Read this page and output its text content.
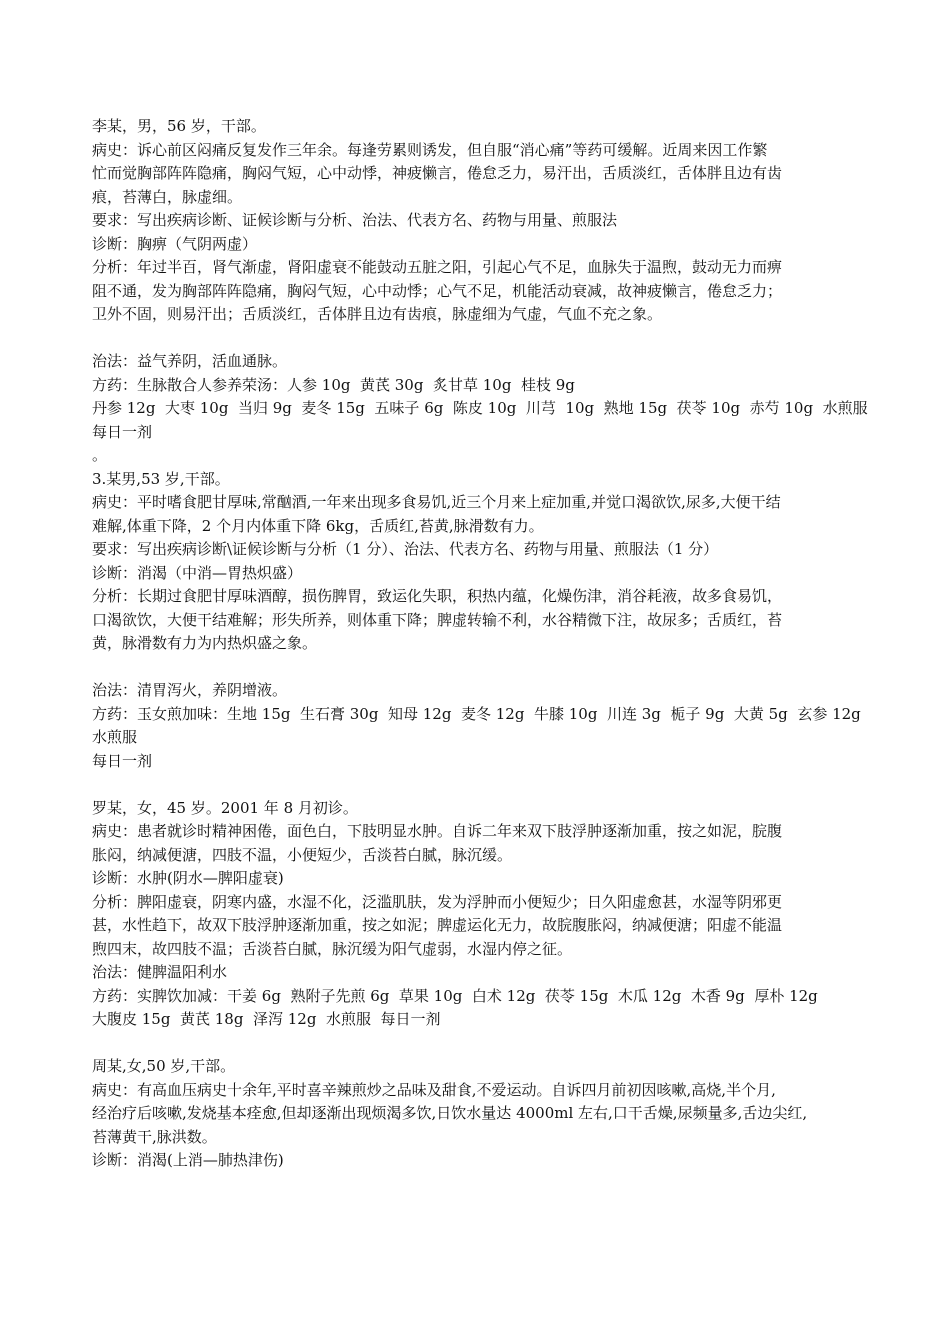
李某，男，56 岁，干部。
病史：诉心前区闷痛反复发作三年余。每逢劳累则诱发，但自服“消心痛”等药可缓解。近周来因工作繁
忙而觉胸部阵阵隐痛，胸闷气短，心中动悸，神疲懒言，倦怠乏力，易汗出，舌质淡红，舌体胖且边有齿
痕，苔薄白，脉虚细。
要求：写出疾病诊断、证候诊断与分析、治法、代表方名、药物与用量、煎服法
诊断：胸痹（气阴两虚）
分析：年过半百，肾气渐虚，肾阳虚衰不能鼓动五脏之阳，引起心气不足，血脉失于温煦，鼓动无力而痹
阻不通，发为胸部阵阵隐痛，胸闷气短，心中动悸；心气不足，机能活动衰减，故神疲懒言，倦怠乏力；
卫外不固，则易汗出；舌质淡红，舌体胖且边有齿痕，脉虚细为气虚，气血不充之象。
治法：益气养阴，活血通脉。
方药：生脉散合人参养荣汤：人参 10g  黄芪 30g  炙甘草 10g  桂枝 9g
丹参 12g  大枣 10g  当归 9g  麦冬 15g  五味子 6g  陈皮 10g  川芎  10g  熟地 15g  茯苓 10g  赤芍 10g  水煎服
每日一剂
。
3.某男,53 岁,干部。
病史：平时嗜食肥甘厚味,常酗酒,一年来出现多食易饥,近三个月来上症加重,并觉口渴欲饮,尿多,大便干结
难解,体重下降，2 个月内体重下降 6kg，舌质红,苔黄,脉滑数有力。
要求：写出疾病诊断\证候诊断与分析（1 分）、治法、代表方名、药物与用量、煎服法（1 分）
诊断：消渴（中消—胃热炽盛）
分析：长期过食肥甘厚味酒醇，损伤脾胃，致运化失职，积热内蕴，化燥伤津，消谷耗液，故多食易饥，
口渴欲饮，大便干结难解；形失所养，则体重下降；脾虚转输不利，水谷精微下注，故尿多；舌质红，苔
黄，脉滑数有力为内热炽盛之象。
治法：清胃泻火，养阴增液。
方药：玉女煎加味：生地 15g  生石膏 30g  知母 12g  麦冬 12g  牛膝 10g  川连 3g  栀子 9g  大黄 5g  玄参 12g
水煎服
每日一剂
罗某，女，45 岁。2001 年 8 月初诊。
病史：患者就诊时精神困倦，面色白，下肢明显水肿。自诉二年来双下肢浮肿逐渐加重，按之如泥，脘腹
胀闷，纳减便溏，四肢不温，小便短少，舌淡苔白腻，脉沉缓。
诊断：水肿(阴水—脾阳虚衰)
分析：脾阳虚衰，阴寒内盛，水湿不化，泛滥肌肤，发为浮肿而小便短少；日久阳虚愈甚，水湿等阴邪更
甚，水性趋下，故双下肢浮肿逐渐加重，按之如泥；脾虚运化无力，故脘腹胀闷，纳减便溏；阳虚不能温
煦四末，故四肢不温；舌淡苔白腻，脉沉缓为阳气虚弱，水湿内停之征。
治法：健脾温阳利水
方药：实脾饮加减：干姜 6g  熟附子先煎 6g  草果 10g  白术 12g  茯苓 15g  木瓜 12g  木香 9g  厚朴 12g
大腹皮 15g  黄芪 18g  泽泻 12g  水煎服  每日一剂
周某,女,50 岁,干部。
病史：有高血压病史十余年,平时喜辛辣煎炒之品味及甜食,不爱运动。自诉四月前初因咳嗽,高烧,半个月,
经治疗后咳嗽,发烧基本痊愈,但却逐渐出现烦渴多饮,日饮水量达 4000ml 左右,口干舌燥,尿频量多,舌边尖红,
苔薄黄干,脉洪数。
诊断：消渴(上消—肺热津伤)
